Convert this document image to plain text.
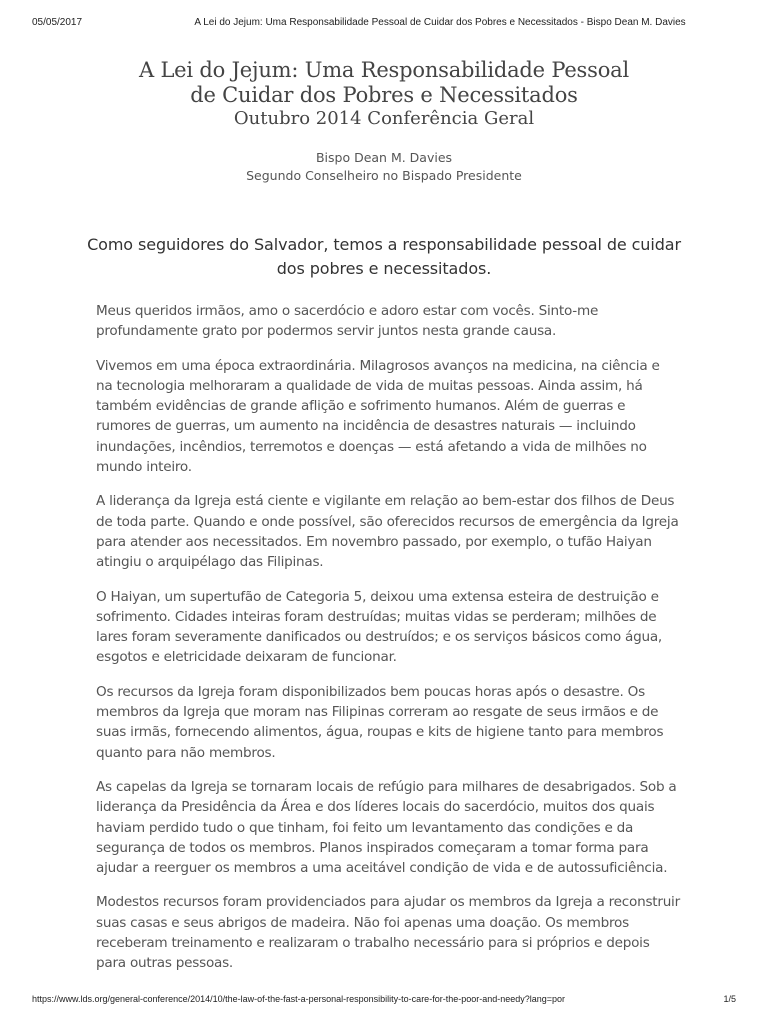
05/05/2017	A Lei do Jejum: Uma Responsabilidade Pessoal de Cuidar dos Pobres e Necessitados - Bispo Dean M. Davies
A Lei do Jejum: Uma Responsabilidade Pessoal
de Cuidar dos Pobres e Necessitados
Outubro 2014 Conferência Geral
Bispo Dean M. Davies
Segundo Conselheiro no Bispado Presidente
Como seguidores do Salvador, temos a responsabilidade pessoal de cuidar dos pobres e necessitados.

Meus queridos irmãos, amo o sacerdócio e adoro estar com vocês. Sinto-me profundamente grato por podermos servir juntos nesta grande causa.

Vivemos em uma época extraordinária. Milagrosos avanços na medicina, na ciência e na tecnologia melhoraram a qualidade de vida de muitas pessoas. Ainda assim, há também evidências de grande aflição e sofrimento humanos. Além de guerras e rumores de guerras, um aumento na incidência de desastres naturais — incluindo inundações, incêndios, terremotos e doenças — está afetando a vida de milhões no mundo inteiro.

A liderança da Igreja está ciente e vigilante em relação ao bem-estar dos filhos de Deus de toda parte. Quando e onde possível, são oferecidos recursos de emergência da Igreja para atender aos necessitados. Em novembro passado, por exemplo, o tufão Haiyan atingiu o arquipélago das Filipinas.

O Haiyan, um supertufão de Categoria 5, deixou uma extensa esteira de destruição e sofrimento. Cidades inteiras foram destruídas; muitas vidas se perderam; milhões de lares foram severamente danificados ou destruídos; e os serviços básicos como água, esgotos e eletricidade deixaram de funcionar.

Os recursos da Igreja foram disponibilizados bem poucas horas após o desastre. Os membros da Igreja que moram nas Filipinas correram ao resgate de seus irmãos e de suas irmãs, fornecendo alimentos, água, roupas e kits de higiene tanto para membros quanto para não membros.

As capelas da Igreja se tornaram locais de refúgio para milhares de desabrigados. Sob a liderança da Presidência da Área e dos líderes locais do sacerdócio, muitos dos quais haviam perdido tudo o que tinham, foi feito um levantamento das condições e da segurança de todos os membros. Planos inspirados começaram a tomar forma para ajudar a reerguer os membros a uma aceitável condição de vida e de autossuficiência.

Modestos recursos foram providenciados para ajudar os membros da Igreja a reconstruir suas casas e seus abrigos de madeira. Não foi apenas uma doação. Os membros receberam treinamento e realizaram o trabalho necessário para si próprios e depois para outras pessoas.

https://www.lds.org/general-conference/2014/10/the-law-of-the-fast-a-personal-responsibility-to-care-for-the-poor-and-needy?lang=por	1/5
